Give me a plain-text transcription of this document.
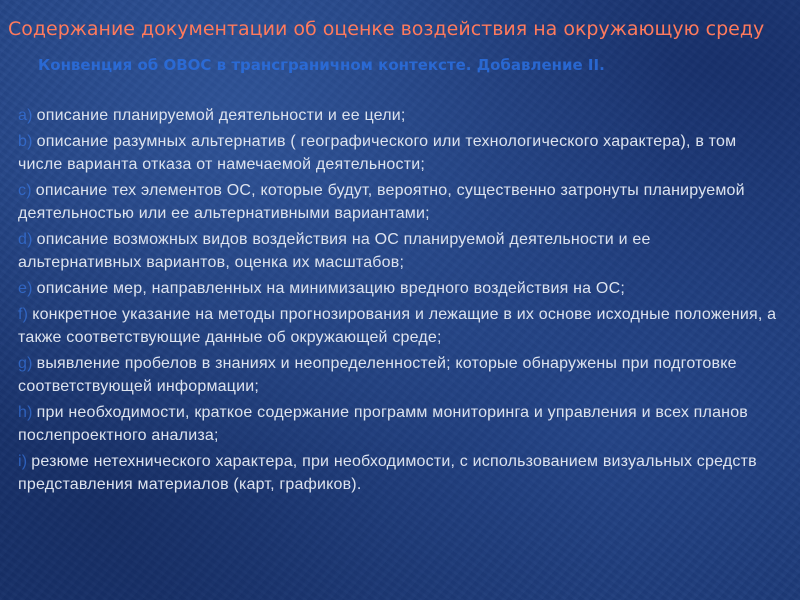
Содержание документации об оценке воздействия на окружающую среду
Конвенция об ОВОС в трансграничном контексте. Добавление II.
a) описание планируемой деятельности и ее цели;
b) описание разумных альтернатив ( географического или технологического характера), в том числе варианта отказа от намечаемой деятельности;
c) описание тех элементов ОС, которые будут, вероятно, существенно затронуты планируемой деятельностью или ее альтернативными вариантами;
d) описание возможных видов воздействия на ОС планируемой деятельности и ее альтернативных вариантов, оценка их масштабов;
e) описание мер, направленных на минимизацию вредного воздействия на ОС;
f) конкретное указание на методы прогнозирования и лежащие в их основе исходные положения, а также соответствующие данные об окружающей среде;
g) выявление пробелов в знаниях и неопределенностей; которые обнаружены при подготовке соответствующей информации;
h) при необходимости, краткое содержание программ мониторинга и управления и всех планов послепроектного анализа;
i) резюме нетехнического характера, при необходимости, с использованием визуальных средств представления материалов (карт, графиков).
